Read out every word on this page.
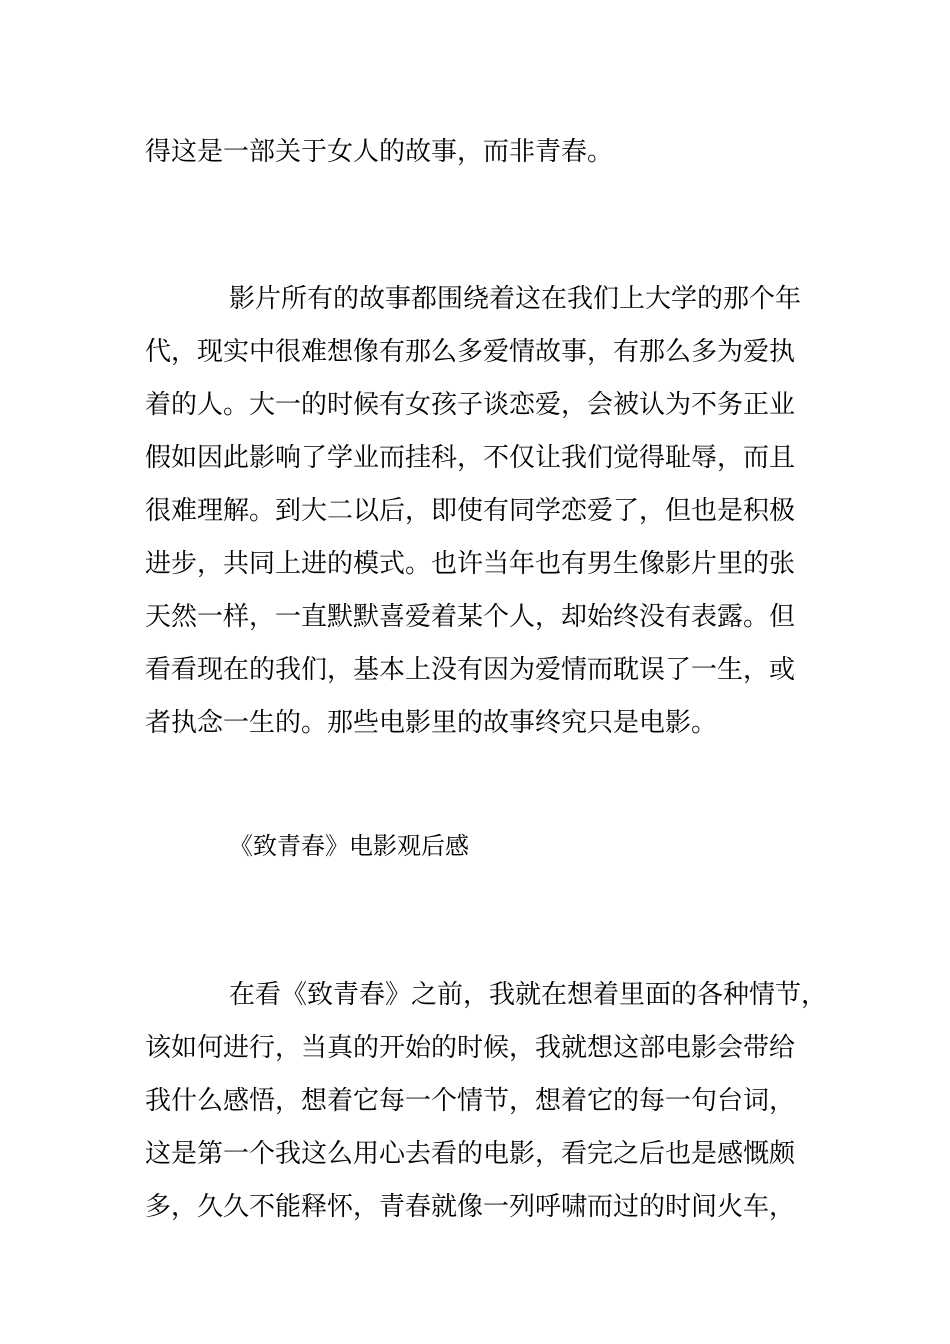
得这是一部关于女人的故事，而非青春。
影片所有的故事都围绕着这在我们上大学的那个年
代，现实中很难想像有那么多爱情故事，有那么多为爱执
着的人。大一的时候有女孩子谈恋爱，会被认为不务正业
假如因此影响了学业而挂科，不仅让我们觉得耻辱，而且
很难理解。到大二以后，即使有同学恋爱了，但也是积极
进步，共同上进的模式。也许当年也有男生像影片里的张
天然一样，一直默默喜爱着某个人，却始终没有表露。但
看看现在的我们，基本上没有因为爱情而耽误了一生，或
者执念一生的。那些电影里的故事终究只是电影。
《致青春》电影观后感
在看《致青春》之前，我就在想着里面的各种情节，
该如何进行，当真的开始的时候，我就想这部电影会带给
我什么感悟，想着它每一个情节，想着它的每一句台词，
这是第一个我这么用心去看的电影，看完之后也是感慨颇
多，久久不能释怀，青春就像一列呼啸而过的时间火车，
